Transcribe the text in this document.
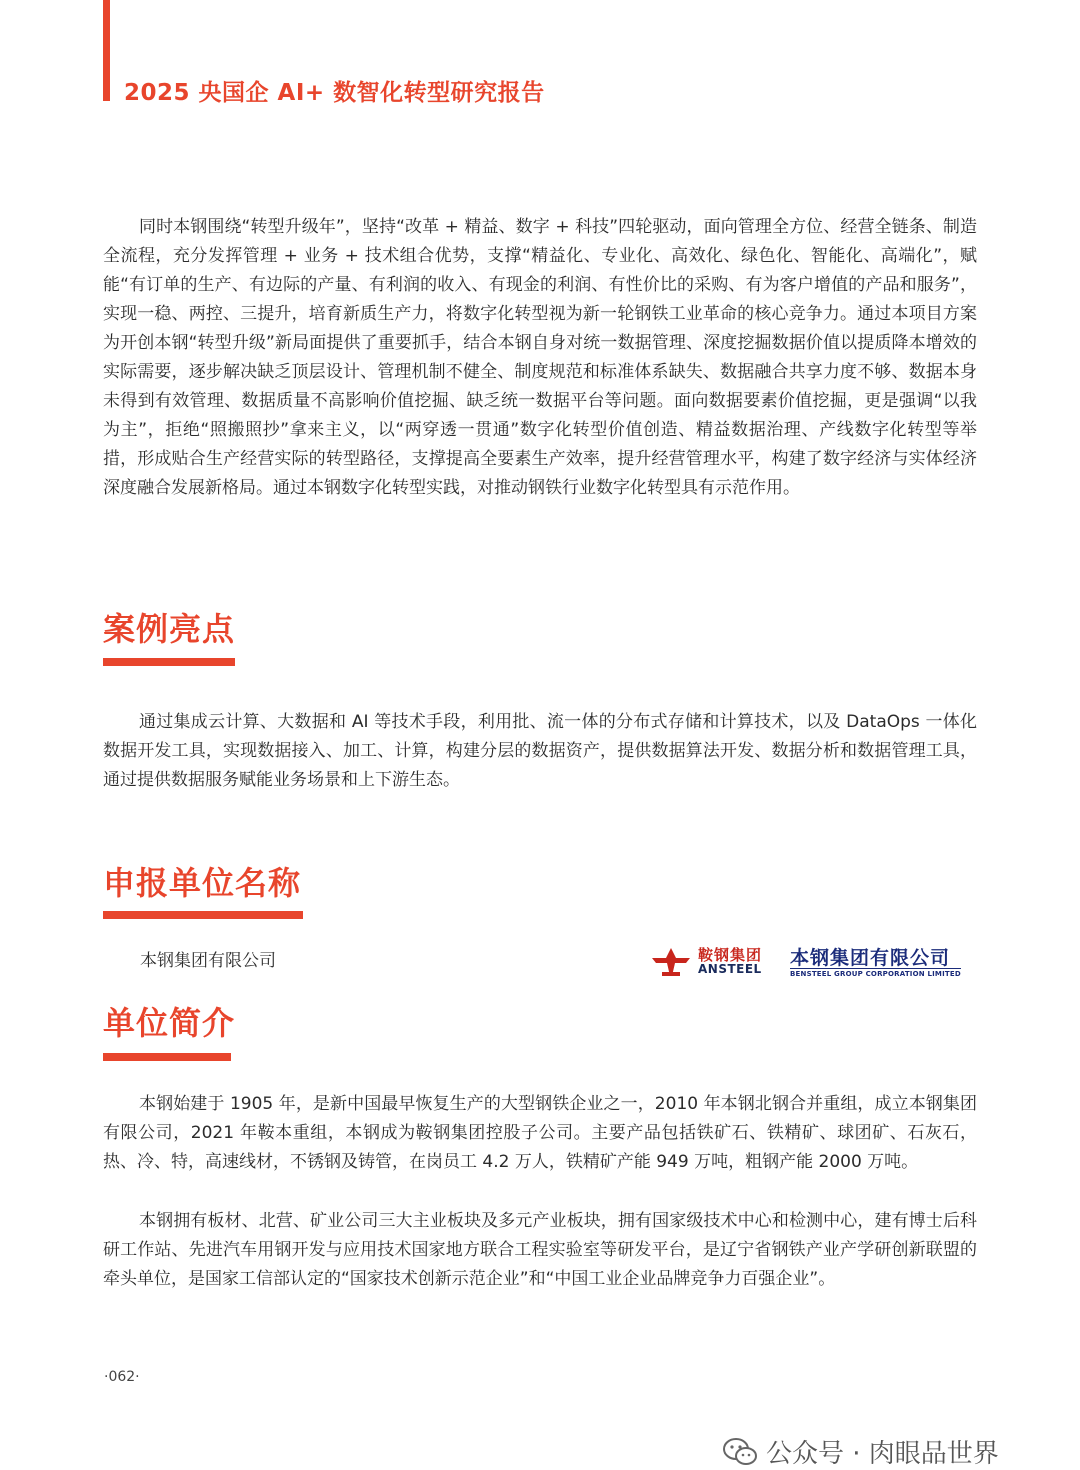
2025 央国企 AI+ 数智化转型研究报告

同时本钢围绕“转型升级年”，坚持“改革 + 精益、数字 + 科技”四轮驱动，面向管理全方位、经营全链条、制造全流程，充分发挥管理 + 业务 + 技术组合优势，支撑“精益化、专业化、高效化、绿色化、智能化、高端化”，赋能“有订单的生产、有边际的产量、有利润的收入、有现金的利润、有性价比的采购、有为客户增值的产品和服务”，实现一稳、两控、三提升，培育新质生产力，将数字化转型视为新一轮钢铁工业革命的核心竞争力。通过本项目方案为开创本钢“转型升级”新局面提供了重要抓手，结合本钢自身对统一数据管理、深度挖掘数据价值以提质降本增效的实际需要，逐步解决缺乏顶层设计、管理机制不健全、制度规范和标准体系缺失、数据融合共享力度不够、数据本身未得到有效管理、数据质量不高影响价值挖掘、缺乏统一数据平台等问题。面向数据要素价值挖掘，更是强调“以我为主”，拒绝“照搬照抄”拿来主义，以“两穿透一贯通”数字化转型价值创造、精益数据治理、产线数字化转型等举措，形成贴合生产经营实际的转型路径，支撑提高全要素生产效率，提升经营管理水平，构建了数字经济与实体经济深度融合发展新格局。通过本钢数字化转型实践，对推动钢铁行业数字化转型具有示范作用。

案例亮点

通过集成云计算、大数据和 AI 等技术手段，利用批、流一体的分布式存储和计算技术，以及 DataOps 一体化数据开发工具，实现数据接入、加工、计算，构建分层的数据资产，提供数据算法开发、数据分析和数据管理工具，通过提供数据服务赋能业务场景和上下游生态。

申报单位名称
本钢集团有限公司	鞍钢集团
ANSTEEL 本钢集团有限公司
BENSTEEL GROUP CORPORATION LIMITED
单位简介

本钢始建于 1905 年，是新中国最早恢复生产的大型钢铁企业之一，2010 年本钢北钢合并重组，成立本钢集团有限公司，2021 年鞍本重组，本钢成为鞍钢集团控股子公司。主要产品包括铁矿石、铁精矿、球团矿、石灰石，热、冷、特，高速线材，不锈钢及铸管，在岗员工 4.2 万人，铁精矿产能 949 万吨，粗钢产能 2000 万吨。

本钢拥有板材、北营、矿业公司三大主业板块及多元产业板块，拥有国家级技术中心和检测中心，建有博士后科研工作站、先进汽车用钢开发与应用技术国家地方联合工程实验室等研发平台，是辽宁省钢铁产业产学研创新联盟的牵头单位，是国家工信部认定的“国家技术创新示范企业”和“中国工业企业品牌竞争力百强企业”。

·062·
公众号 · 肉眼品世界
